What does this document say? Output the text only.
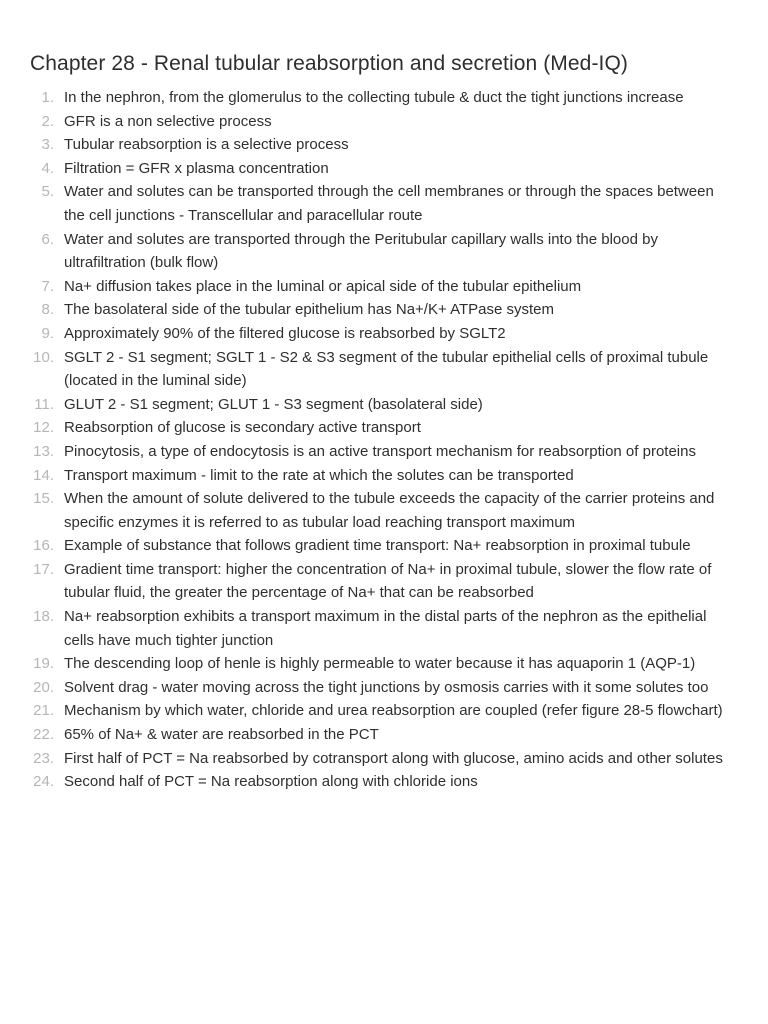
Chapter 28 - Renal tubular reabsorption and secretion (Med-IQ)
1. In the nephron, from the glomerulus to the collecting tubule & duct the tight junctions increase
2. GFR is a non selective process
3. Tubular reabsorption is a selective process
4. Filtration = GFR x plasma concentration
5. Water and solutes can be transported through the cell membranes or through the spaces between the cell junctions - Transcellular and paracellular route
6. Water and solutes are transported through the Peritubular capillary walls into the blood by ultrafiltration (bulk flow)
7. Na+ diffusion takes place in the luminal or apical side of the tubular epithelium
8. The basolateral side of the tubular epithelium has Na+/K+ ATPase system
9. Approximately 90% of the filtered glucose is reabsorbed by SGLT2
10. SGLT 2 - S1 segment; SGLT 1 - S2 & S3 segment of the tubular epithelial cells of proximal tubule (located in the luminal side)
11. GLUT 2 - S1 segment; GLUT 1 - S3 segment (basolateral side)
12. Reabsorption of glucose is secondary active transport
13. Pinocytosis, a type of endocytosis is an active transport mechanism for reabsorption of proteins
14. Transport maximum - limit to the rate at which the solutes can be transported
15. When the amount of solute delivered to the tubule exceeds the capacity of the carrier proteins and specific enzymes it is referred to as tubular load reaching transport maximum
16. Example of substance that follows gradient time transport: Na+ reabsorption in proximal tubule
17. Gradient time transport: higher the concentration of Na+ in proximal tubule, slower the flow rate of tubular fluid, the greater the percentage of Na+ that can be reabsorbed
18. Na+ reabsorption exhibits a transport maximum in the distal parts of the nephron as the epithelial cells have much tighter junction
19. The descending loop of henle is highly permeable to water because it has aquaporin 1 (AQP-1)
20. Solvent drag - water moving across the tight junctions by osmosis carries with it some solutes too
21. Mechanism by which water, chloride and urea reabsorption are coupled (refer figure 28-5 flowchart)
22. 65% of Na+ & water are reabsorbed in the PCT
23. First half of PCT = Na reabsorbed by cotransport along with glucose, amino acids and other solutes
24. Second half of PCT = Na reabsorption along with chloride ions
